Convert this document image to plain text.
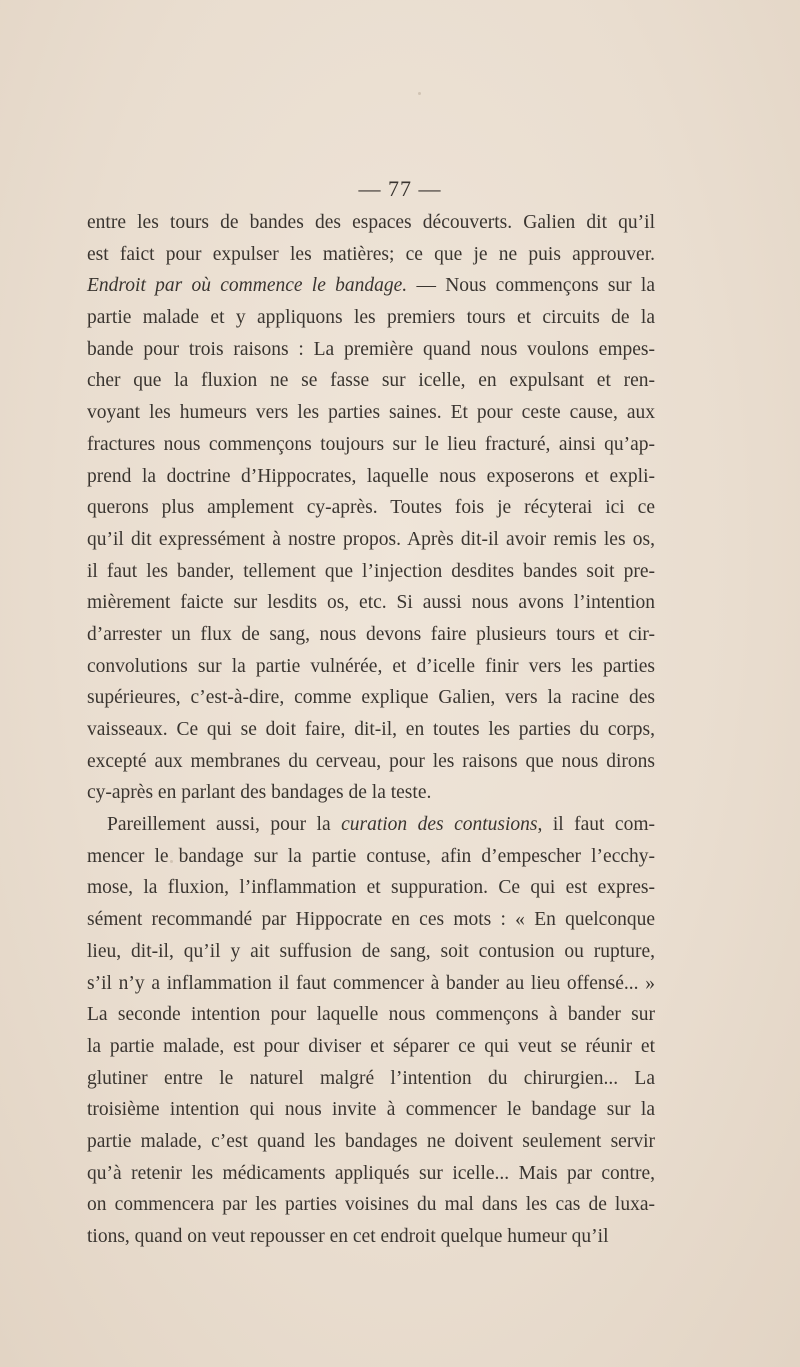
— 77 —
entre les tours de bandes des espaces découverts. Galien dit qu’il
est faict pour expulser les matières; ce que je ne puis approuver.
Endroit par où commence le bandage. — Nous commençons sur la
partie malade et y appliquons les premiers tours et circuits de la
bande pour trois raisons : La première quand nous voulons empes-
cher que la fluxion ne se fasse sur icelle, en expulsant et ren-
voyant les humeurs vers les parties saines. Et pour ceste cause, aux
fractures nous commençons toujours sur le lieu fracturé, ainsi qu’ap-
prend la doctrine d’Hippocrates, laquelle nous exposerons et expli-
querons plus amplement cy-après. Toutes fois je récyterai ici ce
qu’il dit expressément à nostre propos. Après dit-il avoir remis les os,
il faut les bander, tellement que l’injection desdites bandes soit pre-
mièrement faicte sur lesdits os, etc. Si aussi nous avons l’intention
d’arrester un flux de sang, nous devons faire plusieurs tours et cir-
convolutions sur la partie vulnérée, et d’icelle finir vers les parties
supérieures, c’est-à-dire, comme explique Galien, vers la racine des
vaisseaux. Ce qui se doit faire, dit-il, en toutes les parties du corps,
excepté aux membranes du cerveau, pour les raisons que nous dirons
cy-après en parlant des bandages de la teste.
Pareillement aussi, pour la curation des contusions, il faut com-
mencer le bandage sur la partie contuse, afin d’empescher l’ecchy-
mose, la fluxion, l’inflammation et suppuration. Ce qui est expres-
sément recommandé par Hippocrate en ces mots : « En quelconque
lieu, dit-il, qu’il y ait suffusion de sang, soit contusion ou rupture,
s’il n’y a inflammation il faut commencer à bander au lieu offensé... »
La seconde intention pour laquelle nous commençons à bander sur
la partie malade, est pour diviser et séparer ce qui veut se réunir et
glutiner entre le naturel malgré l’intention du chirurgien... La
troisième intention qui nous invite à commencer le bandage sur la
partie malade, c’est quand les bandages ne doivent seulement servir
qu’à retenir les médicaments appliqués sur icelle... Mais par contre,
on commencera par les parties voisines du mal dans les cas de luxa-
tions, quand on veut repousser en cet endroit quelque humeur qu’il
